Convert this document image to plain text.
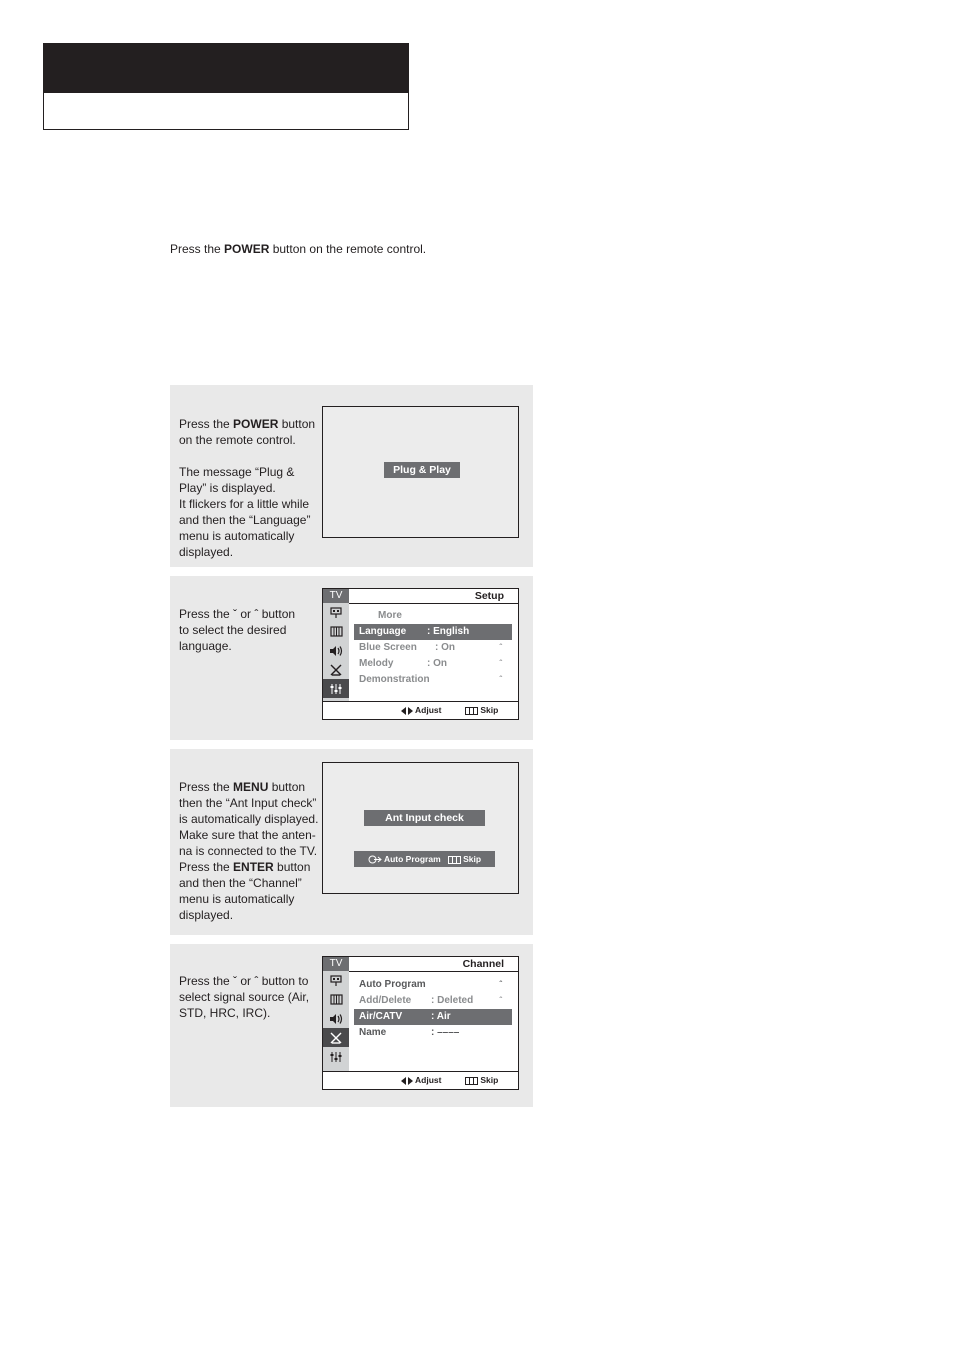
Press the POWER button on the remote control.

Press the POWER button

on the remote control.

The message “Plug &

Play” is displayed.

It flickers for a little while

and then the “Language”

menu is automatically

displayed.

Plug & Play

Press the ˇ or ˆ button

to select the desired

language.

TV	Setup
More
Language : English
Blue Screen : On	ˆ
Melody	: On	ˆ
Demonstration	ˆ
Adjust	Skip

Press the MENU button

then the “Ant Input check”

is automatically displayed.

Make sure that the anten-

na is connected to the TV.

Press the ENTER button

and then the “Channel”

menu is automatically

displayed.

Ant Input check
Auto Program	Skip

Press the ˇ or ˆ button to

select signal source (Air,

STD, HRC, IRC).

TV	Channel
Auto Program	ˆ
Add/Delete : Deleted	ˆ
Air/CATV	: Air
Name	: ––––
Adjust	Skip
